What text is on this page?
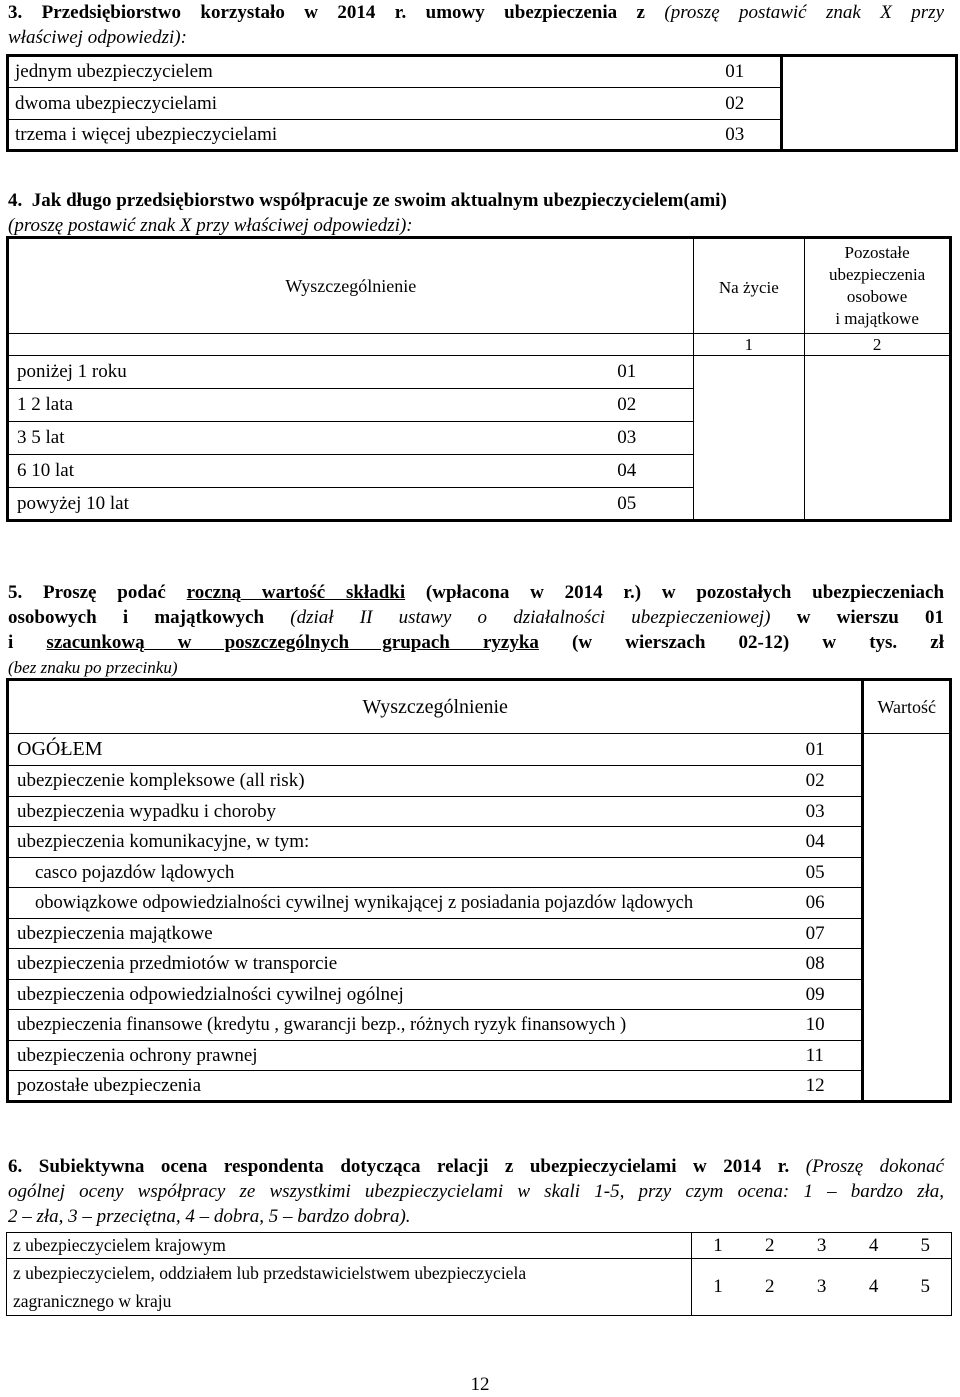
3. Przedsiębiorstwo korzystało w 2014 r. umowy ubezpieczenia z (proszę postawić znak X przy
właściwej odpowiedzi):
jednym ubezpieczycielem	01	
dwoma ubezpieczycielami	02	
trzema i więcej ubezpieczycielami	03	
4. Jak długo przedsiębiorstwo współpracuje ze swoim aktualnym ubezpieczycielem(ami)
(proszę postawić znak X przy właściwej odpowiedzi):
Wyszczególnienie		Na życie	Pozostałe
ubezpieczenia
osobowe
i majątkowe

		1	2
poniżej 1 roku	01		
1 2 lata	02		
3 5 lat	03		
6 10 lat	04		
powyżej 10 lat	05		
5. Proszę podać roczną wartość składki (wpłacona w 2014 r.) w pozostałych ubezpieczeniach
osobowych i majątkowych (dział II ustawy o działalności ubezpieczeniowej) w wierszu 01
i szacunkową w poszczególnych grupach ryzyka (w wierszach 02-12) w tys. zł
(bez znaku po przecinku)
Wyszczególnienie		Wartość
OGÓŁEM	01	
ubezpieczenie kompleksowe (all risk)	02	
ubezpieczenia wypadku i choroby	03	
ubezpieczenia komunikacyjne, w tym:	04	
casco pojazdów lądowych	05	
obowiązkowe odpowiedzialności cywilnej wynikającej z posiadania pojazdów lądowych	06	
ubezpieczenia majątkowe	07	
ubezpieczenia przedmiotów w transporcie	08	
ubezpieczenia odpowiedzialności cywilnej ogólnej	09	
ubezpieczenia finansowe (kredytu , gwarancji bezp., różnych ryzyk finansowych )	10	
ubezpieczenia ochrony prawnej	11	
pozostałe ubezpieczenia	12	
6. Subiektywna ocena respondenta dotycząca relacji z ubezpieczycielami w 2014 r. (Proszę dokonać
ogólnej oceny współpracy ze wszystkimi ubezpieczycielami w skali 1-5, przy czym ocena: 1 – bardzo zła,
2 – zła, 3 – przeciętna, 4 – dobra, 5 – bardzo dobra).
z ubezpieczycielem krajowym	1	2	3	4	5

z ubezpieczycielem, oddziałem lub przedstawicielstwem ubezpieczyciela
zagranicznego w kraju	1	2	3	4	5
12
